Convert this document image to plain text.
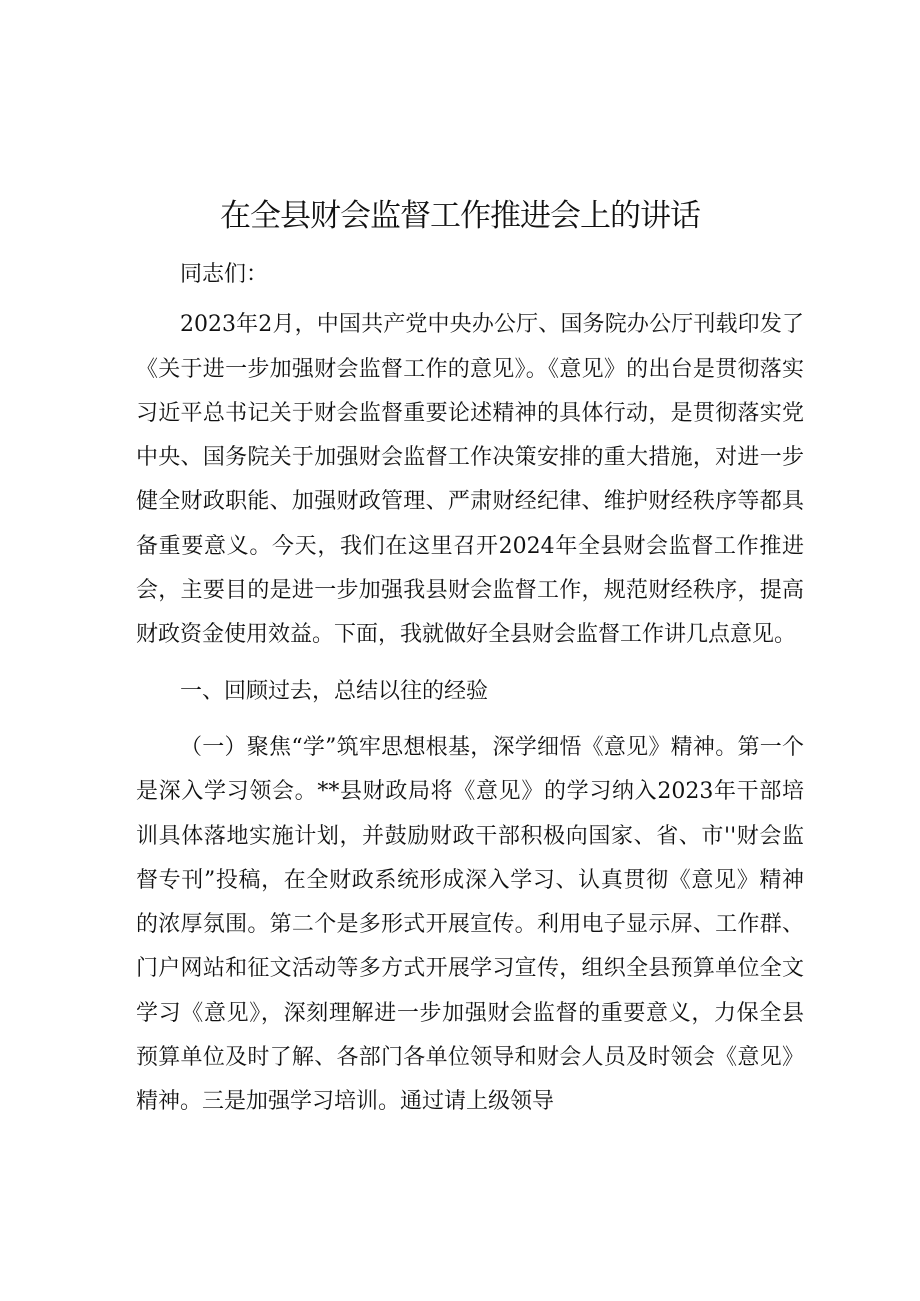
在全县财会监督工作推进会上的讲话

同志们：

2023年2月，中国共产党中央办公厅、国务院办公厅刊载印发了《关于进一步加强财会监督工作的意见》。《意见》的出台是贯彻落实习近平总书记关于财会监督重要论述精神的具体行动，是贯彻落实党中央、国务院关于加强财会监督工作决策安排的重大措施，对进一步健全财政职能、加强财政管理、严肃财经纪律、维护财经秩序等都具备重要意义。今天，我们在这里召开2024年全县财会监督工作推进会，主要目的是进一步加强我县财会监督工作，规范财经秩序，提高财政资金使用效益。下面，我就做好全县财会监督工作讲几点意见。

一、回顾过去，总结以往的经验

（一）聚焦“学”筑牢思想根基，深学细悟《意见》精神。第一个是深入学习领会。**县财政局将《意见》的学习纳入2023年干部培训具体落地实施计划，并鼓励财政干部积极向国家、省、市''财会监督专刊”投稿，在全财政系统形成深入学习、认真贯彻《意见》精神的浓厚氛围。第二个是多形式开展宣传。利用电子显示屏、工作群、门户网站和征文活动等多方式开展学习宣传，组织全县预算单位全文学习《意见》，深刻理解进一步加强财会监督的重要意义，力保全县预算单位及时了解、各部门各单位领导和财会人员及时领会《意见》精神。三是加强学习培训。通过请上级领导
